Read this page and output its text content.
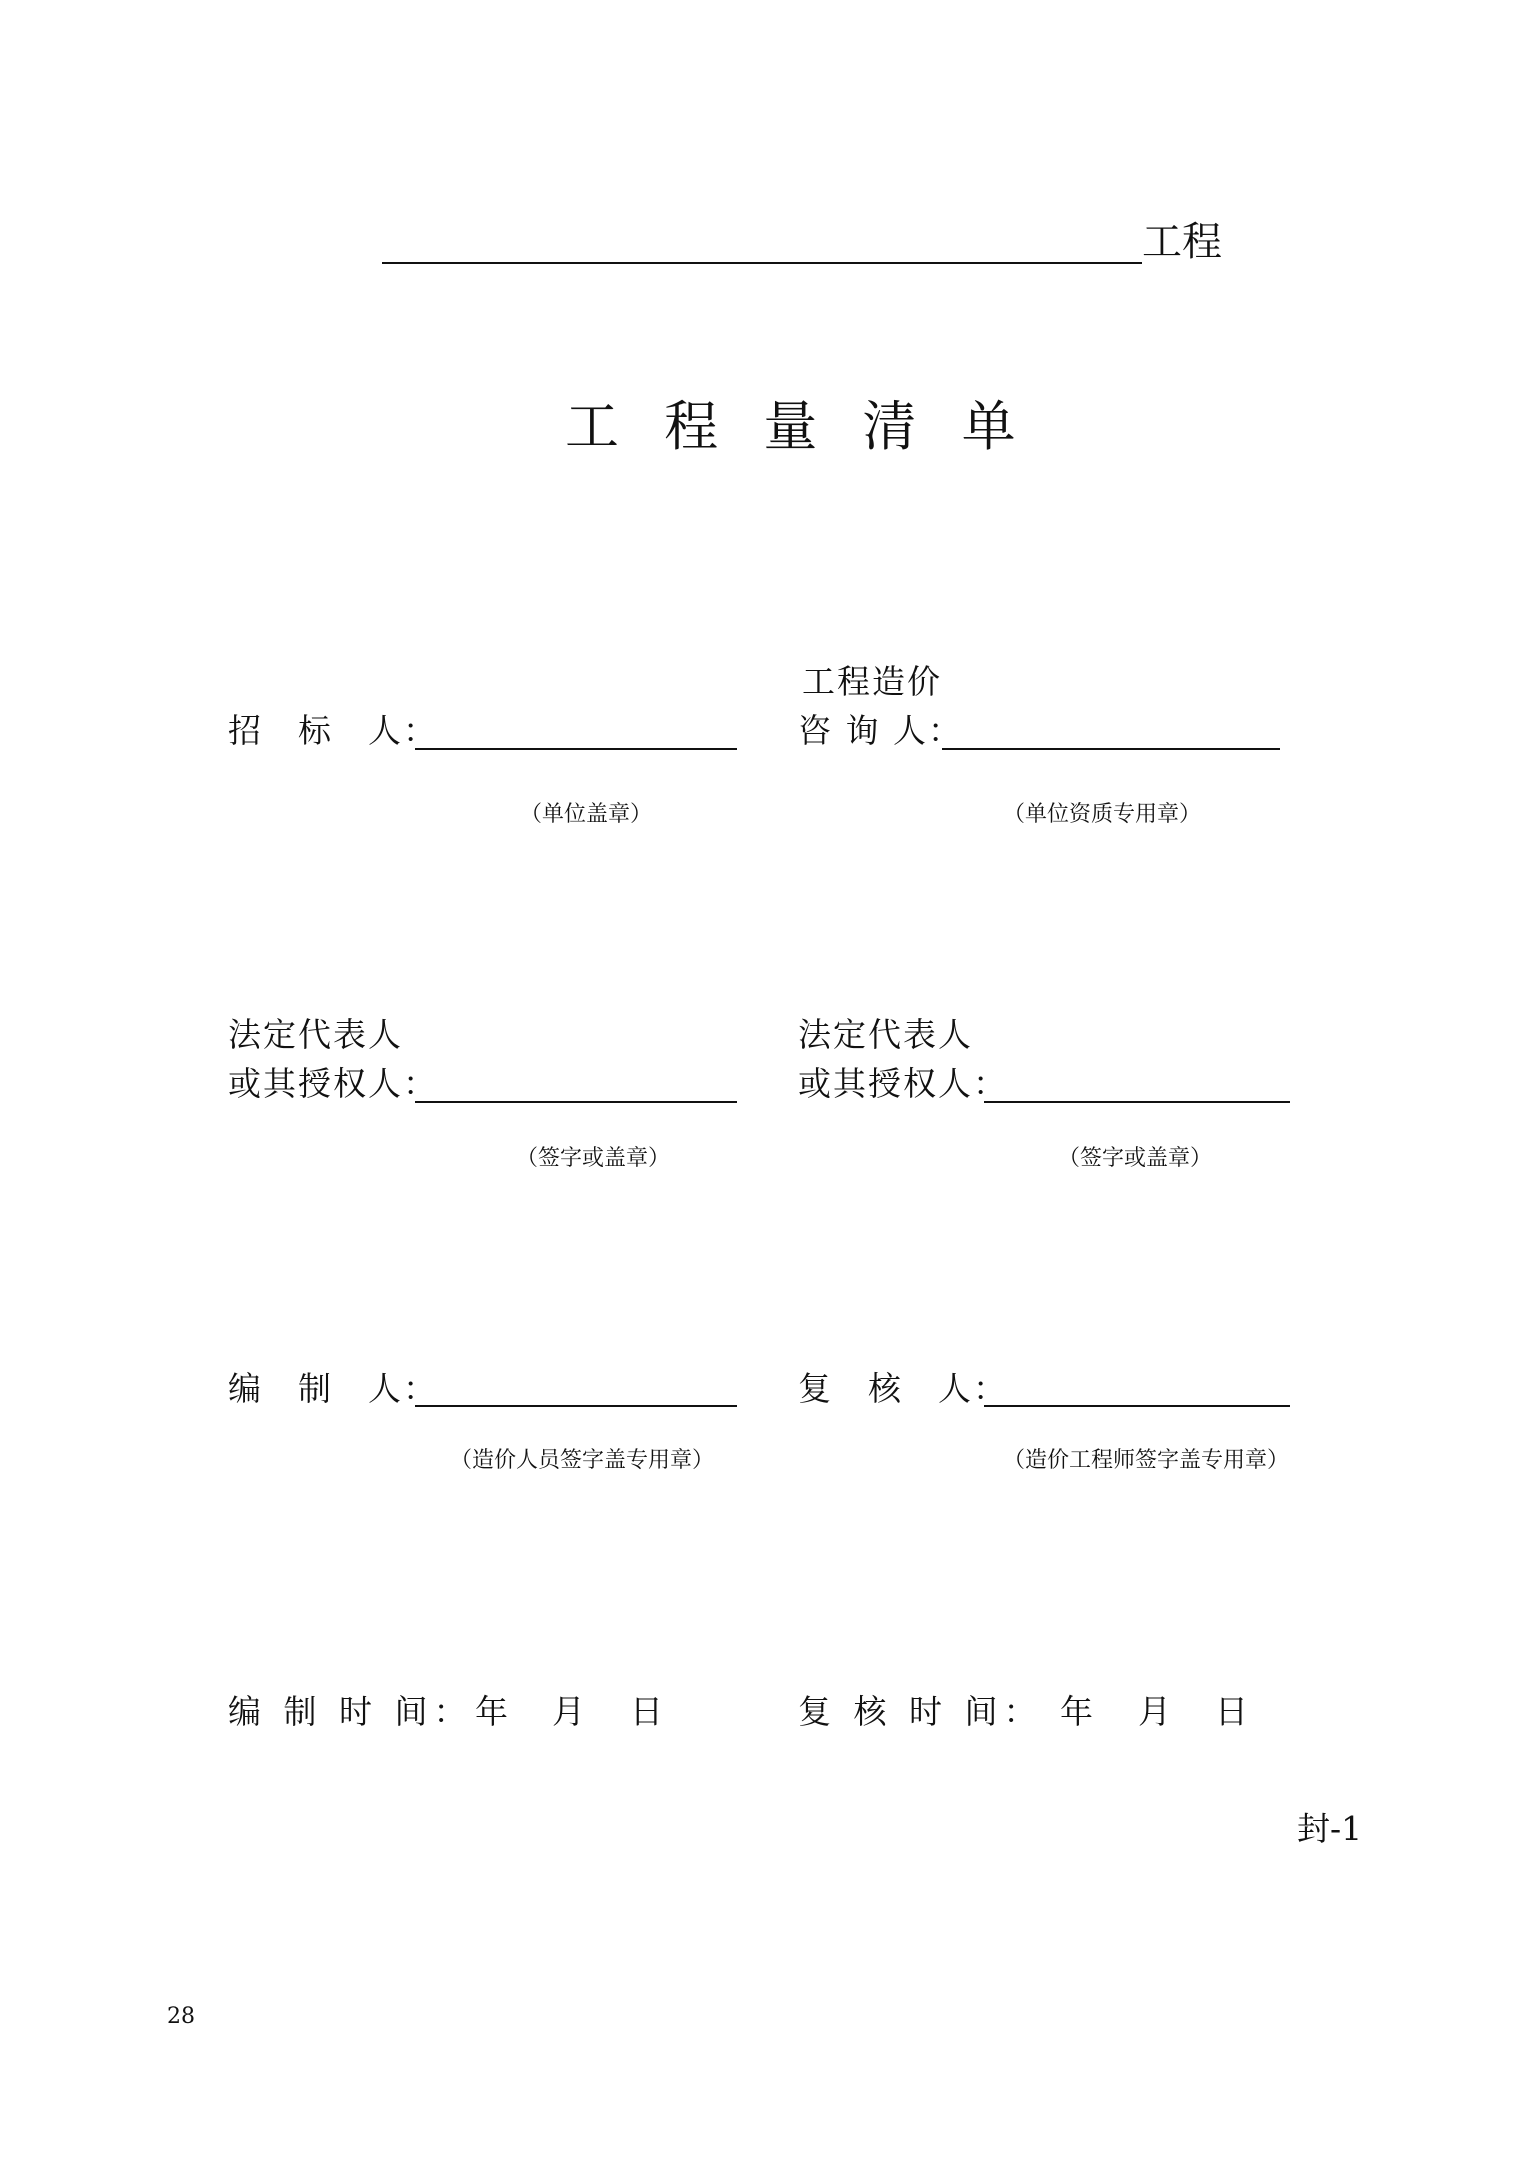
工程
工 程 量 清 单
招　标　人：
（单位盖章）
工程造价
咨 询 人：
（单位资质专用章）
法定代表人
或其授权人：
（签字或盖章）
法定代表人
或其授权人：
（签字或盖章）
编　制　人：
（造价人员签字盖专用章）
复　核　人：
（造价工程师签字盖专用章）
编 制 时 间： 年 月 日	复 核 时 间： 年 月 日
封-1
28
